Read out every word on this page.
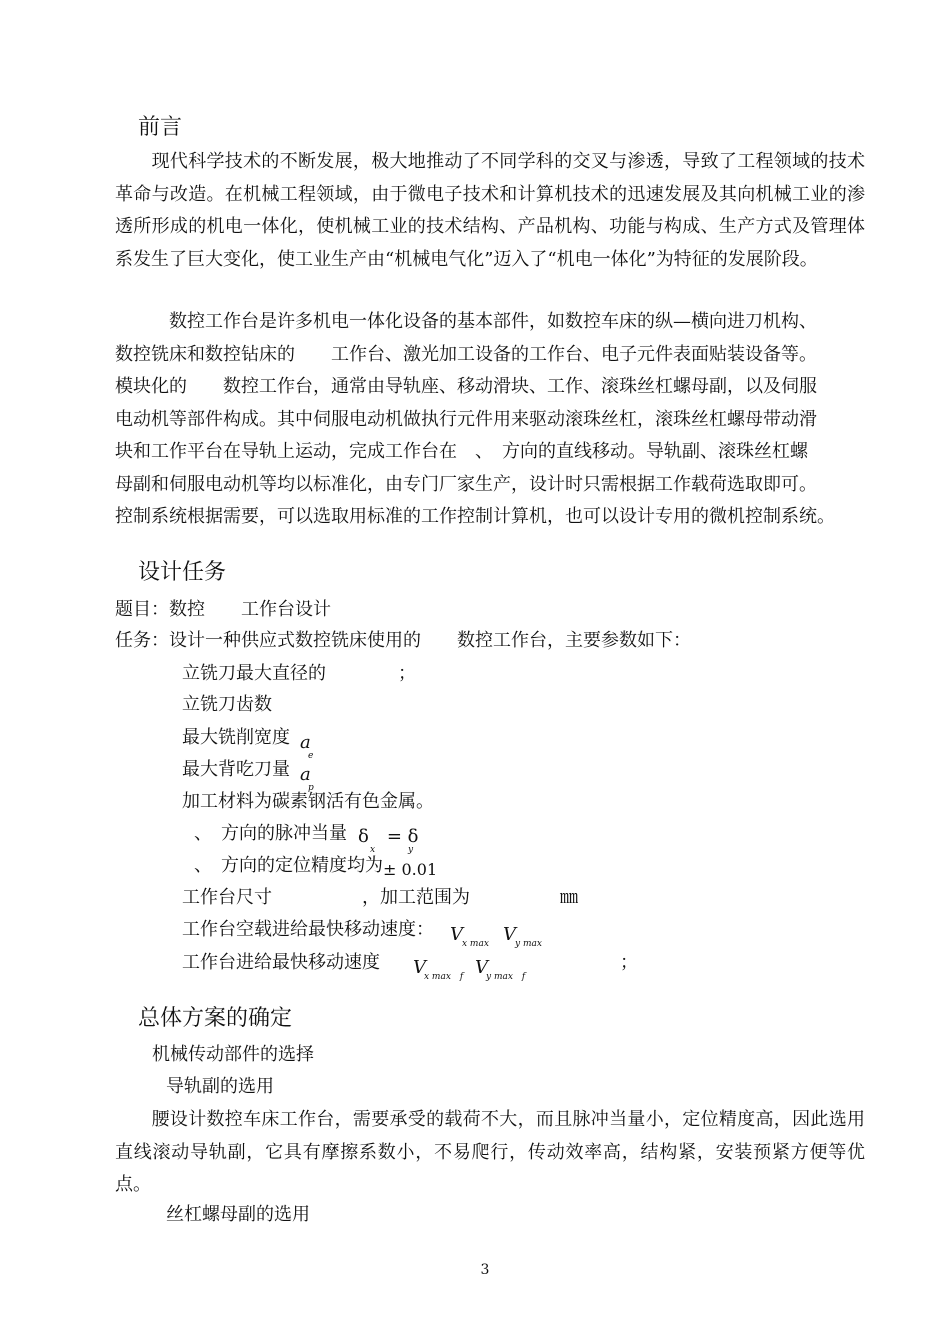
前言

　　现代科学技术的不断发展，极大地推动了不同学科的交叉与渗透，导致了工程领域的技术革命与改造。在机械工程领域，由于微电子技术和计算机技术的迅速发展及其向机械工业的渗透所形成的机电一体化，使机械工业的技术结构、产品机构、功能与构成、生产方式及管理体系发生了巨大变化，使工业生产由“机械电气化”迈入了“机电一体化”为特征的发展阶段。

　　　数控工作台是许多机电一体化设备的基本部件，如数控车床的纵—横向进刀机构、
数控铣床和数控钻床的　　工作台、激光加工设备的工作台、电子元件表面贴装设备等。
模块化的　　数控工作台，通常由导轨座、移动滑块、工作、滚珠丝杠螺母副，以及伺服
电动机等部件构成。其中伺服电动机做执行元件用来驱动滚珠丝杠，滚珠丝杠螺母带动滑
块和工作平台在导轨上运动，完成工作台在　、　方向的直线移动。导轨副、滚珠丝杠螺
母副和伺服电动机等均以标准化，由专门厂家生产，设计时只需根据工作载荷选取即可。
控制系统根据需要，可以选取用标准的工作控制计算机，也可以设计专用的微机控制系统。
设计任务
题目：数控　　工作台设计
任务：设计一种供应式数控铣床使用的　　数控工作台，主要参数如下：
立铣刀最大直径的　　　　；
立铣刀齿数
最大铣削宽度 a
e
最大背吃刀量 a
p
加工材料为碳素钢活有色金属。
、　方向的脉冲当量 δ　= δ
x	y
、　方向的定位精度均为 ± 0.01
工作台尺寸　　　　　，加工范围为　　　　　㎜
工作台空载进给最快移动速度： V x max V y max
工作台进给最快移动速度 V
x max　f V
y max　f
；
总体方案的确定
机械传动部件的选择
导轨副的选用

　　腰设计数控车床工作台，需要承受的载荷不大，而且脉冲当量小，定位精度高，因此选用直线滚动导轨副，它具有摩擦系数小，不易爬行，传动效率高，结构紧，安装预紧方便等优点。

丝杠螺母副的选用
3
